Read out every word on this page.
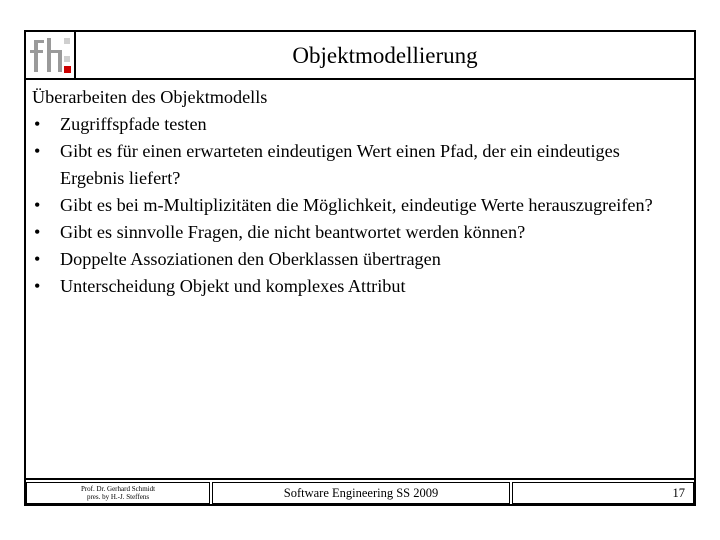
Objektmodellierung

Überarbeiten des Objektmodells

• Zugriffspfade testen
• Gibt es für einen erwarteten eindeutigen Wert einen Pfad, der ein eindeutiges Ergebnis liefert?
• Gibt es bei m-Multiplizitäten die Möglichkeit, eindeutige Werte herauszugreifen?
• Gibt es sinnvolle Fragen, die nicht beantwortet werden können?
• Doppelte Assoziationen den Oberklassen übertragen
• Unterscheidung Objekt und komplexes Attribut
Prof. Dr. Gerhard Schmidt
pres. by H.-J. Steffens	Software Engineering SS 2009	17
